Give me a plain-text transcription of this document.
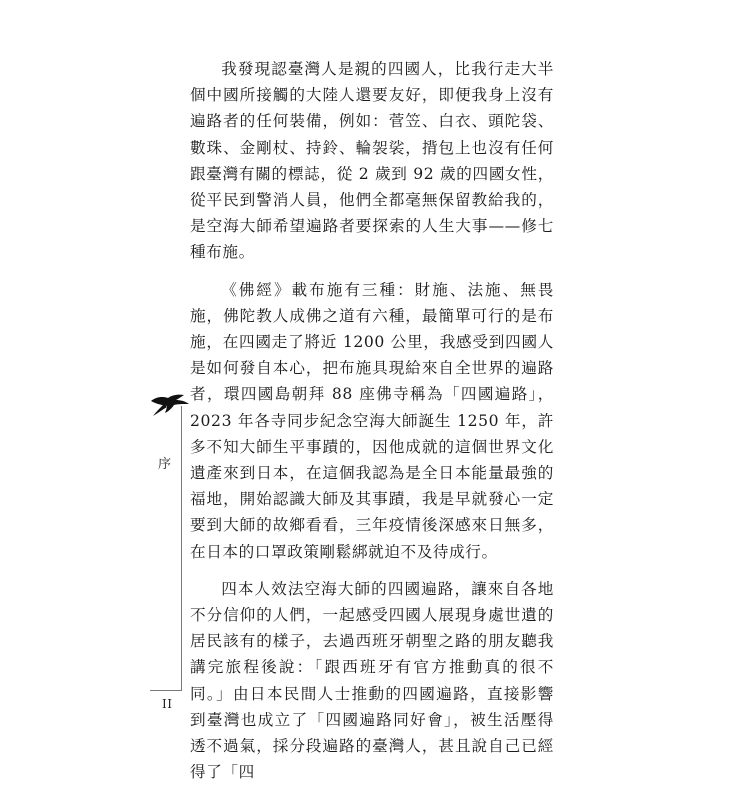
我發現認臺灣人是親的四國人，比我行走大半個中國所接觸的大陸人還要友好，即便我身上沒有遍路者的任何裝備，例如：菅笠、白衣、頭陀袋、數珠、金剛杖、持鈴、輪袈裟，揹包上也沒有任何跟臺灣有關的標誌，從 2 歲到 92 歲的四國女性，從平民到警消人員，他們全都毫無保留教給我的，是空海大師希望遍路者要探索的人生大事——修七種布施。

《佛經》載布施有三種：財施、法施、無畏施，佛陀教人成佛之道有六種，最簡單可行的是布施，在四國走了將近 1200 公里，我感受到四國人是如何發自本心，把布施具現給來自全世界的遍路者，環四國島朝拜 88 座佛寺稱為「四國遍路」，2023 年各寺同步紀念空海大師誕生 1250 年，許多不知大師生平事蹟的，因他成就的這個世界文化遺產來到日本，在這個我認為是全日本能量最強的福地，開始認識大師及其事蹟，我是早就發心一定要到大師的故鄉看看，三年疫情後深感來日無多，在日本的口罩政策剛鬆綁就迫不及待成行。

四本人效法空海大師的四國遍路，讓來自各地不分信仰的人們，一起感受四國人展現身處世遺的居民該有的樣子，去過西班牙朝聖之路的朋友聽我講完旅程後說：「跟西班牙有官方推動真的很不同。」由日本民間人士推動的四國遍路，直接影響到臺灣也成立了「四國遍路同好會」，被生活壓得透不過氣，採分段遍路的臺灣人，甚且說自己已經得了「四

序
II
